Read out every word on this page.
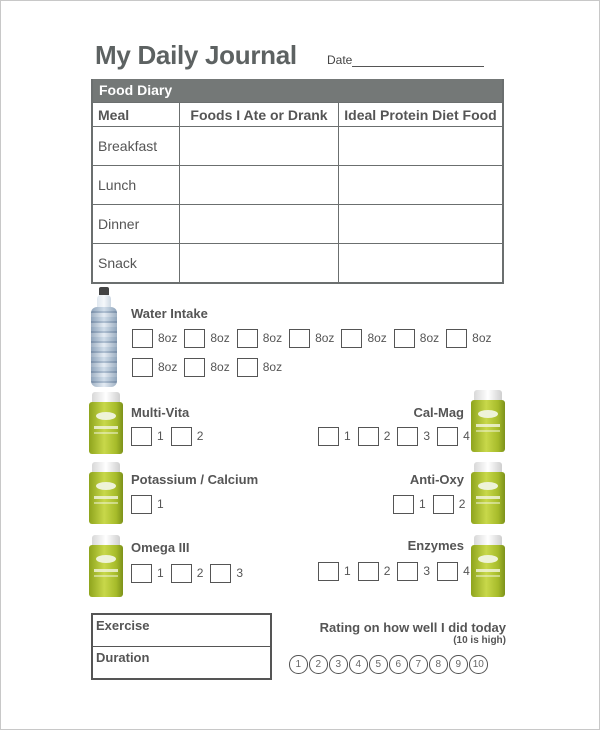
My Daily Journal	Date
Food Diary
Meal	Foods I Ate or Drank	Ideal Protein Diet Food
Breakfast
Lunch
Dinner
Snack
Water Intake
8oz	8oz	8oz	8oz	8oz	8oz	8oz
8oz	8oz	8oz
Multi-Vita
1	2
Potassium / Calcium
1
Omega III
1	2	3
Cal-Mag
1	2	3	4
Anti-Oxy
1	2
Enzymes
1	2	3	4
Exercise
Duration
Rating on how well I did today
(10 is high)
1	2	3	4	5	6	7	8	9	10
